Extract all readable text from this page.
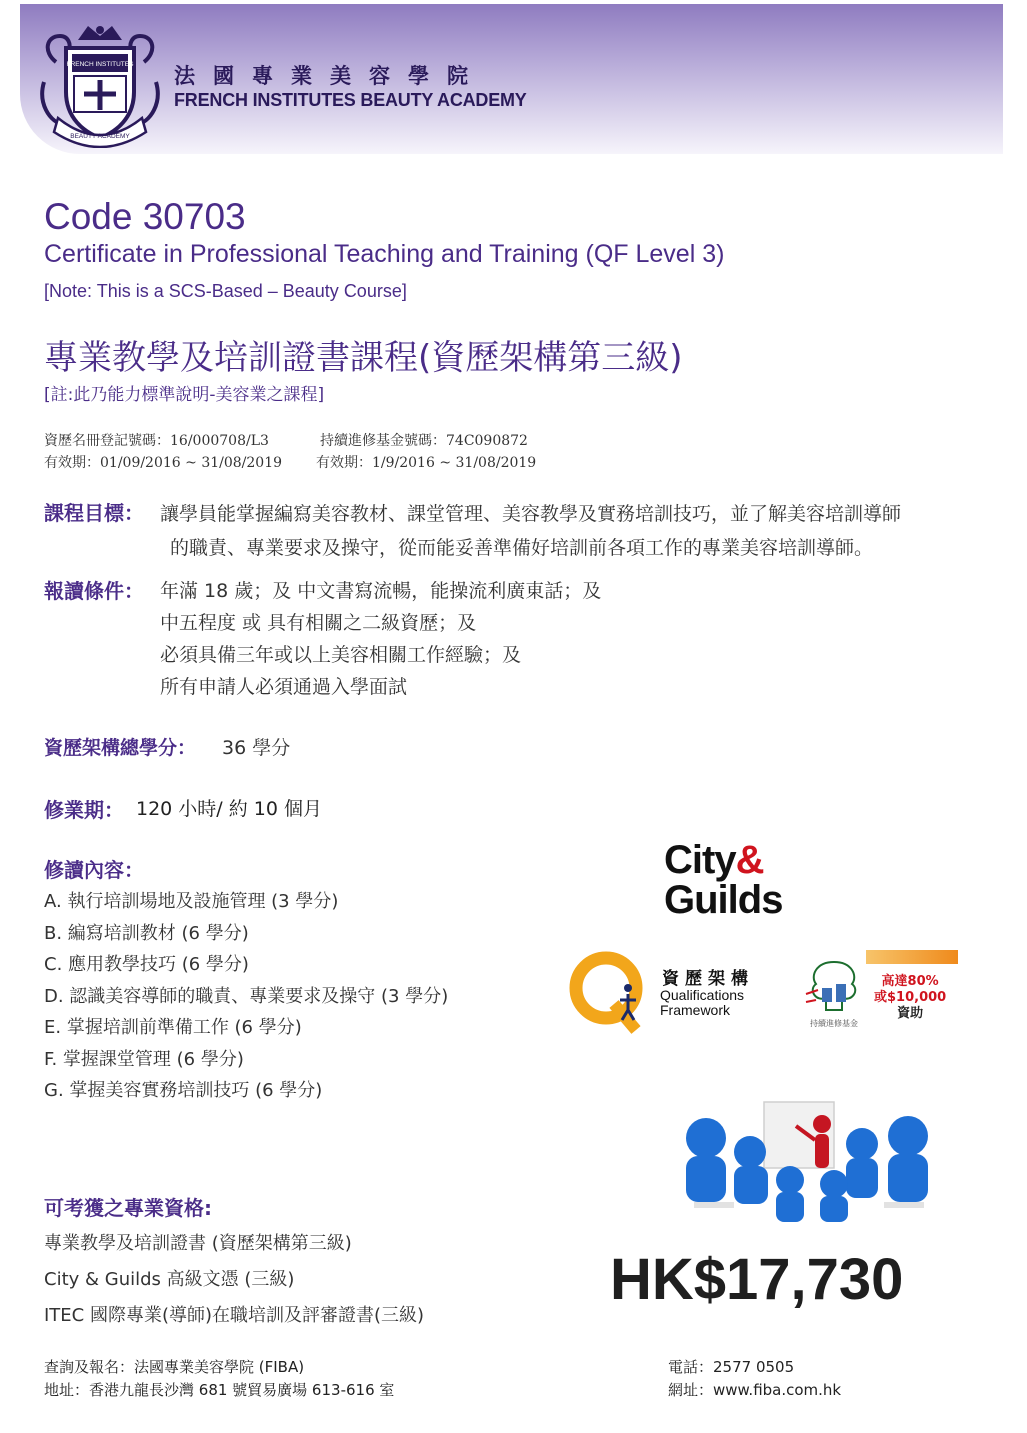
FRENCH INSTITUTES
BEAUTY ACADEMY
法國專業美容學院
FRENCH INSTITUTES BEAUTY ACADEMY
Code 30703
Certificate in Professional Teaching and Training (QF Level 3)
[Note: This is a SCS-Based – Beauty Course]
專業教學及培訓證書課程(資歷架構第三級)
[註:此乃能力標準說明-美容業之課程]
資歷名冊登記號碼：16/000708/L3
有效期：01/09/2016 ~ 31/08/2019
持續進修基金號碼：74C090872
有效期：1/9/2016 ~ 31/08/2019
課程目標： 讓學員能掌握編寫美容教材、課堂管理、美容教學及實務培訓技巧，並了解美容培訓導師
的職責、專業要求及操守，從而能妥善準備好培訓前各項工作的專業美容培訓導師。
報讀條件： 年滿 18 歲；及 中文書寫流暢，能操流利廣東話；及
中五程度 或 具有相關之二級資歷；及
必須具備三年或以上美容相關工作經驗；及
所有申請人必須通過入學面試
資歷架構總學分： 36 學分
修業期： 120 小時/ 約 10 個月
修讀內容：
A. 執行培訓場地及設施管理 (3 學分)
B. 編寫培訓教材 (6 學分)
C. 應用教學技巧 (6 學分)
D. 認識美容導師的職責、專業要求及操守 (3 學分)
E. 掌握培訓前準備工作 (6 學分)
F. 掌握課堂管理 (6 學分)
G. 掌握美容實務培訓技巧 (6 學分)
可考獲之專業資格:
專業教學及培訓證書 (資歷架構第三級)
City & Guilds 高級文憑 (三級)
ITEC 國際專業(導師)在職培訓及評審證書(三級)
City&
Guilds
資歷架構
Qualifications
Framework
高達80%
或$10,000
資助
持續進修基金
HK$17,730
查詢及報名：法國專業美容學院 (FIBA)
地址：香港九龍長沙灣 681 號貿易廣場 613-616 室
電話：2577 0505
網址：www.fiba.com.hk
